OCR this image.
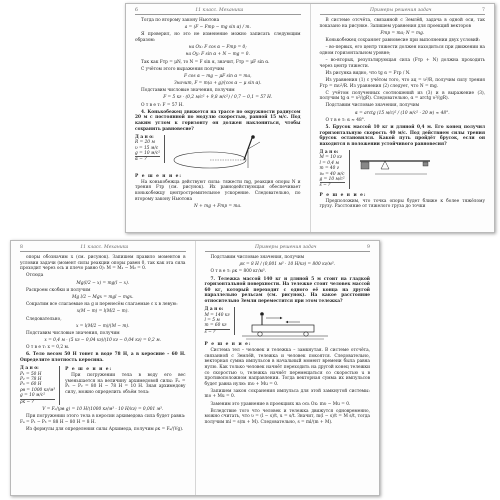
6	11 класс. Механика

Тогда по второму закону Ньютона

a = (F − Fтр − mg sin α) / m.

Я проверил, но это не изменение можно записать следующим образом:

на Ox: F cos α − Fтр = 0;

на Oy: F sin α + N − mg = 0.

Так как Fтр = μN, то N = F sin α, значит, Fтр = μF sin α.

С учётом этого выражения получим

F cos α − mg − μF sin α = ma,

Значит, F = m(a + g)/(cos α − μ sin α).

Подставим числовые значения, получим

F = 5 кг · (0,2 м/с² + 9,8 м/с²) / 0,7 − 0,1 = 57 Н.

О т в е т: F = 57 Н.

4. Конькобежец движется на трассе по окружности радиусом 20 м с постоянной по модулю скоростью, равной 15 м/с. Под каким углом к горизонту он должен наклониться, чтобы сохранить равновесие?

Д а н о:
R = 20 м
υ = 15 м/с
g = 10 м/с²
α − ?
Р е ш е н и е:

На конькобежца действуют силы: тяжести mg, реакция опоры N и трения Fтр (см. рисунок). Их равнодействующая обеспечивает конькобежцу центростремительное ускорение. Следовательно, по второму закону Ньютона

N + mg + Fтр = ma.

Примеры решения задач	7

В системе отсчёта, связанной с Землёй, задача в одной оси, так показано на рисунке. Запишем уравнения для проекций векторов

Fтр = ma; N = mg.

Конькобежец сохраняет равновесие при выполнении двух условий:

– во-первых, его центр тяжести должен находиться при движении на одном горизонтальном уровне;

– во-вторых, результирующая сила (Fтр + N) должна проходить через центр тяжести.

Из рисунка видно, что tg α = Fтр / N.

Из уравнения (1) с учётом того, что aц = υ²/R, получим силу трения Fтр = mυ²/R. Из уравнения (2) следует, что N = mg.

С учётом полученных соотношений из (3) и в выражение (3), получим tg α = υ²/(gR). Следовательно, α = arctg υ²/(gR).

Подставим числовые значения, получим

α = arctg (15 м/с)² / (10 м/с² · 20 м) ≈ 48°.

О т в е т: α ≈ 48°.

5. Брусок массой 10 кг и длиной 0,4 м. Его конец получил горизонтальную скорость 40 м/с. Под действием силы трения брусок остановился. Какой путь пройдёт брусок, если он находится в положении устойчивого равновесия?

Д а н о:
M = 10 кг
l = 0,4 м
m = 40 г
υ₀ = 40 м/с
g = 10 м/с²
s − ?
Р е ш е н и е:

Предположим, что точка опоры будет ближе к более тяжёлому грузу. Расстояние от тяжелого груза до точки

8	11 класс. Механика

опоры обозначим x (см. рисунок). Запишем правило моментов в условии задачи (момент силы реакции опоры равен 0, так как эта сила проходит через ось и плечо равно 0): M = M₁ − M₂ = 0.

Отсюда

Mg(l/2 − x) = mg(l − x).

Раскроем скобки и получим

Mg l/2 − Mgx = mgl − mgx.

Сократим все слагаемые на g и перенесём слагаемые с x в левую:

x(M − m) = l(M/2 − m).

Следовательно,

x = l(M/2 − m)/(M − m).

Подставим числовые значения, получим

x = 0,4 м · (5 кг − 0,04 кг)/(10 кг − 0,04 кг) = 0,2 м.

О т в е т: x = 0,2 м.

6. Тело весом 50 Н тонет в воде 78 Н, а в керосине – 60 Н. Определите плотность керосина.

Д а н о:
P₁ = 50 Н
P₂ = 78 Н
P₃ = 60 Н
ρв = 1000 кг/м³
g = 10 м/с²
ρк − ?
Р е ш е н и е:

При погружении тела в воду его вес уменьшается на величину архимедовой силы: Fₐ = P₁ − P₂ = 80 Н − 78 Н = 10 Н. Зная архимедову силу, можно определить объём тела:

V = Fₐ/(ρв g) = 10 Н/(1000 кг/м³ · 10 Н/кг) = 0,001 м³.

При погружении этого тела в керосин архимедова сила будет равна: Fₐ = P₁ − P₃ = 88 Н − 80 Н = 8 Н.

Из формулы для определения силы Архимеда, получим ρк = Fₐ/(Vg).

Примеры решения задач	9

Подставим числовые значения, получим

ρк = 8 Н / (0,001 м³ · 10 Н/кг) = 800 кг/м³.

О т в е т: ρк = 800 кг/м³.

7. Тележка массой 140 кг и длиной 5 м стоит на гладкой горизонтальной поверхности. На тележке стоит человек массой 60 кг, который переходит с одного её конца на другой параллельно рельсам (см. рисунок). На какое расстояние относительно Земли переместится при этом тележка?

Д а н о:
M = 140 кг
l = 5 м
m = 60 кг
s − ?
Р е ш е н и е:

Система тел – человек и тележка – замкнутая. В системе отсчёта, связанной с Землёй, тележка и человек покоятся. Следовательно, векторная сумма импульсов в начальный момент времени была равна нулю. Как только человек начнёт переходить на другой конец тележки со скоростью υ, тележка начнёт перемещаться со скоростью u в противоположном направлении. Тогда векторная сумма их импульсов будет равна нулю: mυ + Mu = 0.

Запишем закон сохранения импульса для этой замкнутой системы: mυ + Mu = 0.

Заменим это уравнение в проекциях на ось Ox: mυ − Mu = 0.

Вследствие того что человек и тележка движутся одновременно, можно считать, что υ = (l − s)/t, u = s/t. Значит, m(l − s)/t = M s/t, тогда получим ml = s(m + M). Следовательно, s = ml/(m + M).
